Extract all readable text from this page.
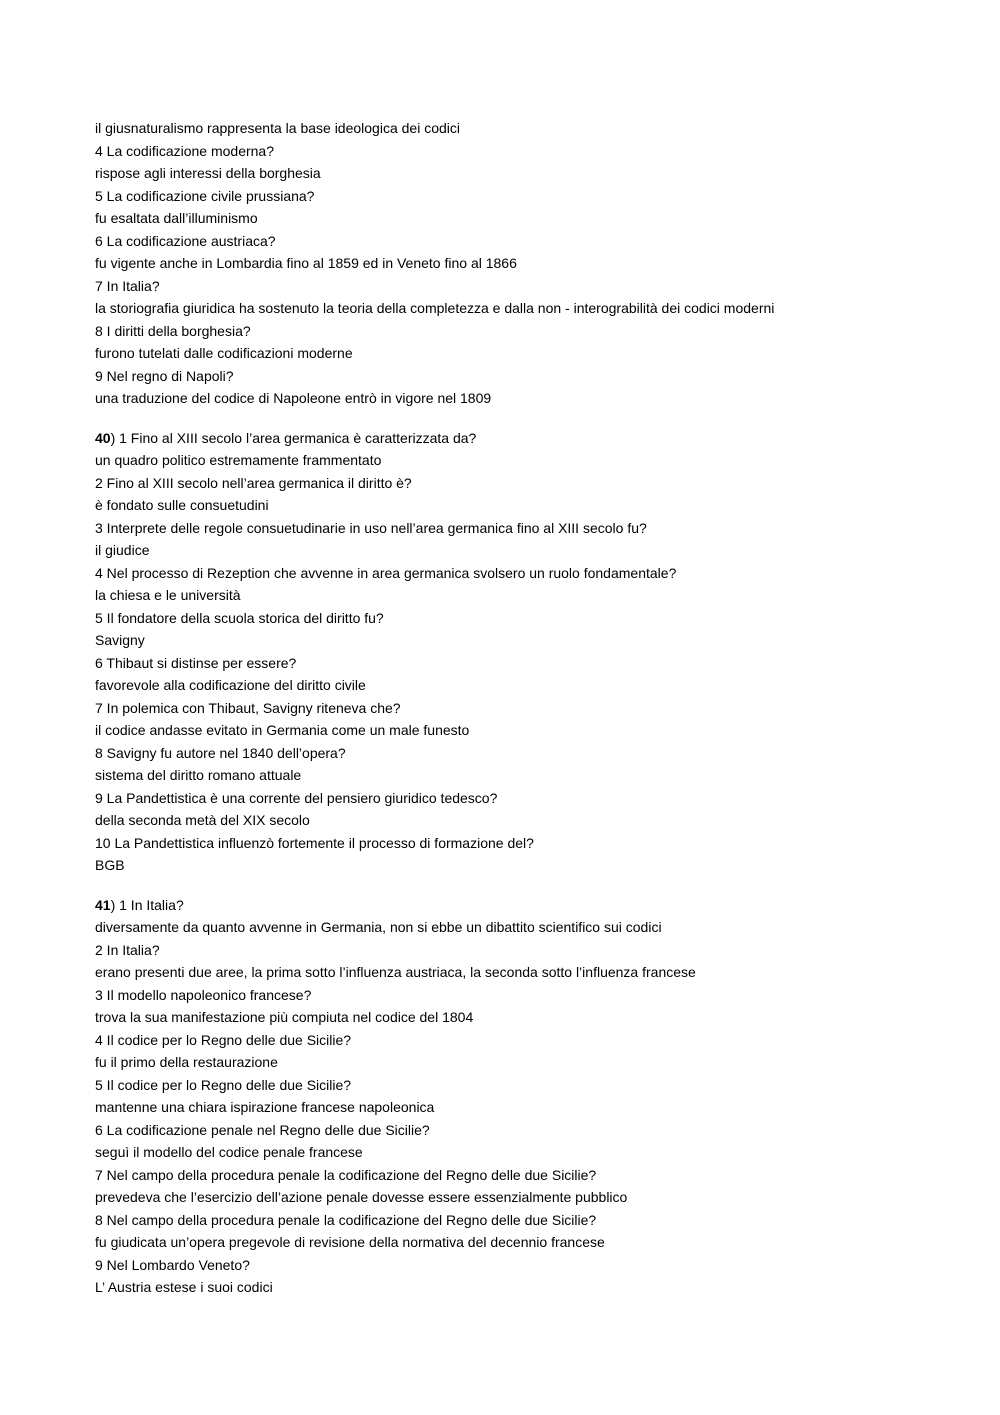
il giusnaturalismo rappresenta la base ideologica dei codici
4 La codificazione moderna?
rispose agli interessi della borghesia
5 La codificazione civile prussiana?
fu esaltata dall’illuminismo
6 La codificazione austriaca?
fu vigente anche in Lombardia fino al 1859 ed in Veneto fino al 1866
7 In Italia?
la storiografia giuridica ha sostenuto la teoria della completezza e dalla non - interograbilità dei codici moderni
8 I diritti della borghesia?
furono tutelati dalle codificazioni moderne
9 Nel regno di Napoli?
una traduzione del codice di Napoleone entrò in vigore nel 1809
40) 1 Fino al XIII secolo l’area germanica è caratterizzata da?
un quadro politico estremamente frammentato
2 Fino al XIII secolo nell’area germanica il diritto è?
è fondato sulle consuetudini
3 Interprete delle regole consuetudinarie in uso nell’area germanica fino al XIII secolo fu?
il giudice
4 Nel processo di Rezeption che avvenne in area germanica svolsero un ruolo fondamentale?
la chiesa e le università
5 Il fondatore della scuola storica del diritto fu?
Savigny
6 Thibaut si distinse per essere?
favorevole alla codificazione del diritto civile
7 In polemica con Thibaut, Savigny riteneva che?
il codice andasse evitato in Germania come un male funesto
8 Savigny fu autore nel 1840 dell’opera?
sistema del diritto romano attuale
9 La Pandettistica è una corrente del pensiero giuridico tedesco?
della seconda metà del XIX secolo
10 La Pandettistica influenzò fortemente il processo di formazione del?
BGB
41) 1 In Italia?
diversamente da quanto avvenne in Germania, non si ebbe un dibattito scientifico sui codici
2 In Italia?
erano presenti due aree, la prima sotto l’influenza austriaca, la seconda sotto l’influenza francese
3 Il modello napoleonico francese?
trova la sua manifestazione più compiuta nel codice del 1804
4 Il codice per lo Regno delle due Sicilie?
fu il primo della restaurazione
5 Il codice per lo Regno delle due Sicilie?
mantenne una chiara ispirazione francese napoleonica
6 La codificazione penale nel Regno delle due Sicilie?
seguì il modello del codice penale francese
7 Nel campo della procedura penale la codificazione del Regno delle due Sicilie?
prevedeva che l’esercizio dell’azione penale dovesse essere essenzialmente pubblico
8 Nel campo della procedura penale la codificazione del Regno delle due Sicilie?
fu giudicata un’opera pregevole di revisione della normativa del decennio francese
9 Nel Lombardo Veneto?
L’ Austria estese i suoi codici
